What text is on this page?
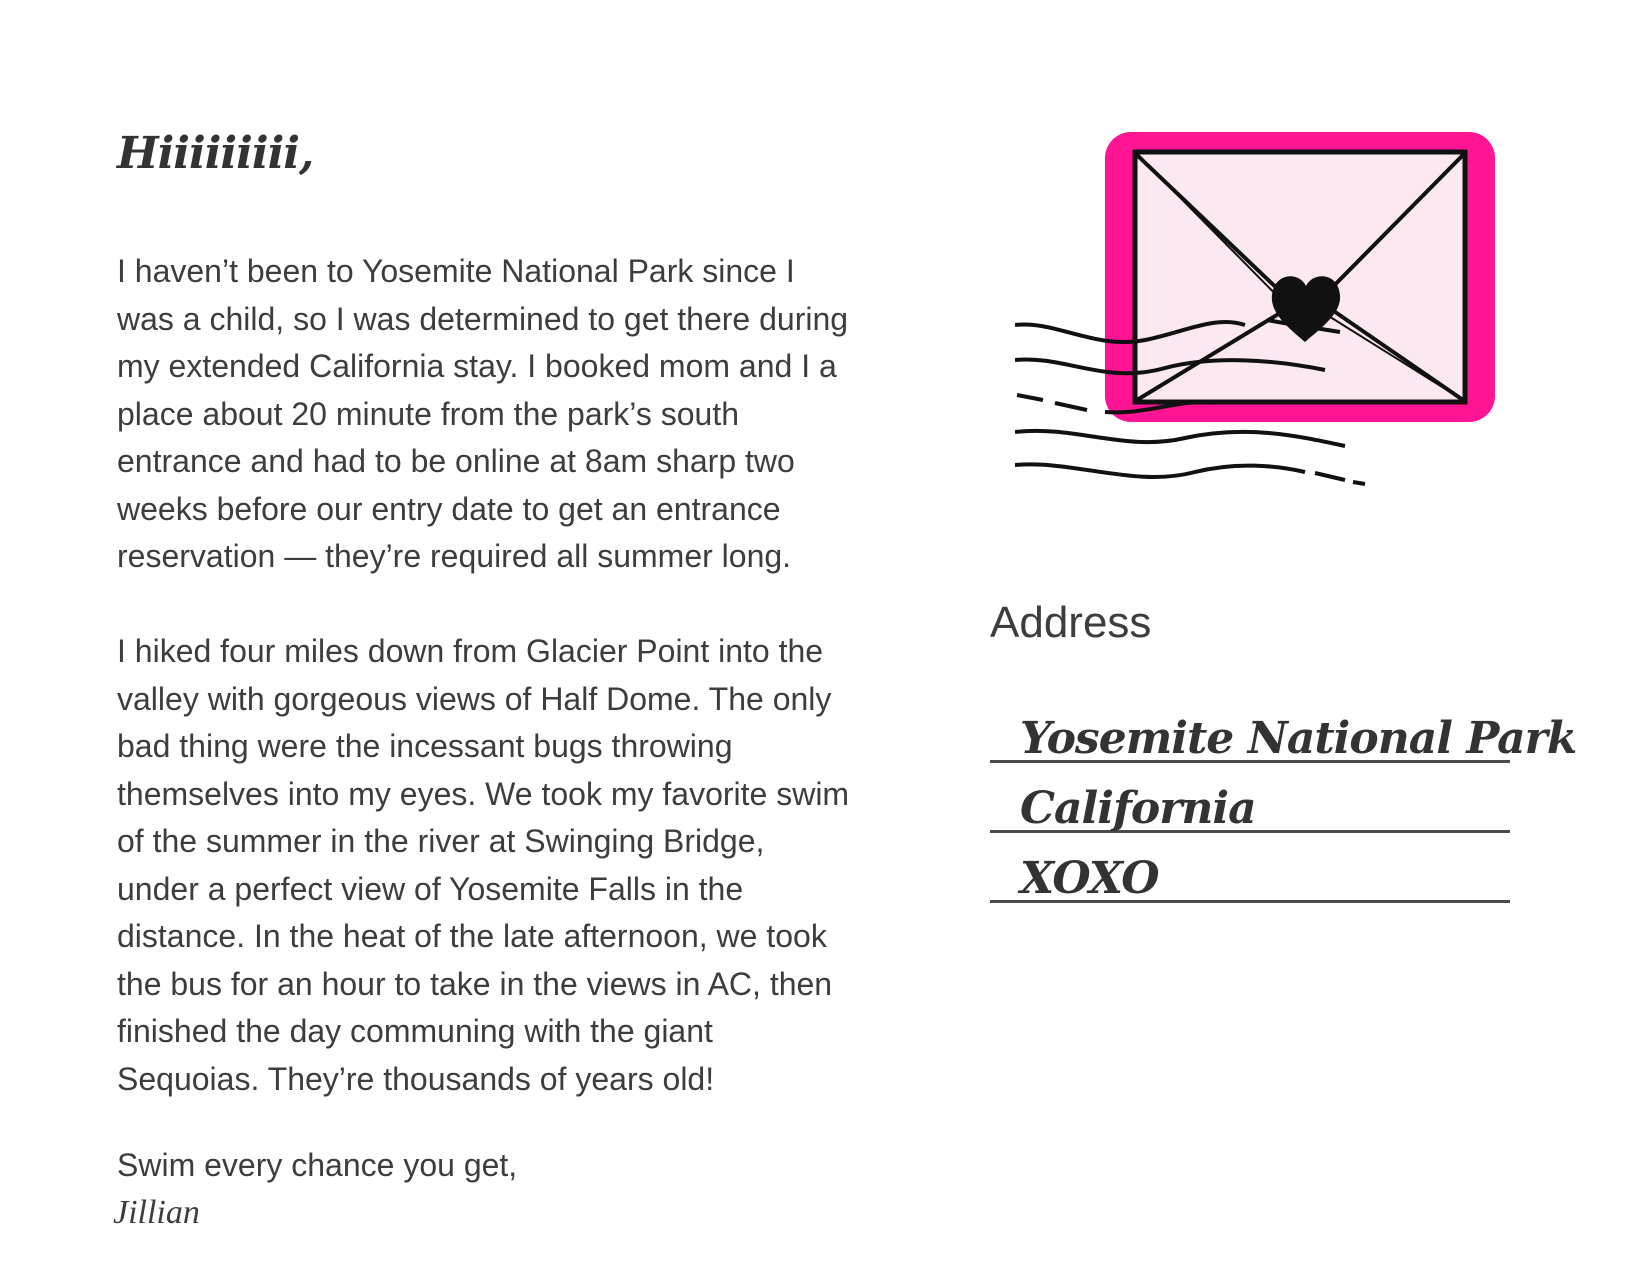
Hiiiiiiiii,

I haven’t been to Yosemite National Park since I
was a child, so I was determined to get there during
my extended California stay. I booked mom and I a
place about 20 minute from the park’s south
entrance and had to be online at 8am sharp two
weeks before our entry date to get an entrance
reservation — they’re required all summer long.

I hiked four miles down from Glacier Point into the
valley with gorgeous views of Half Dome. The only
bad thing were the incessant bugs throwing
themselves into my eyes. We took my favorite swim
of the summer in the river at Swinging Bridge,
under a perfect view of Yosemite Falls in the
distance. In the heat of the late afternoon, we took
the bus for an hour to take in the views in AC, then
finished the day communing with the giant
Sequoias. They’re thousands of years old!

Swim every chance you get,

Jillian

Address

Yosemite National Park
California
XOXO
